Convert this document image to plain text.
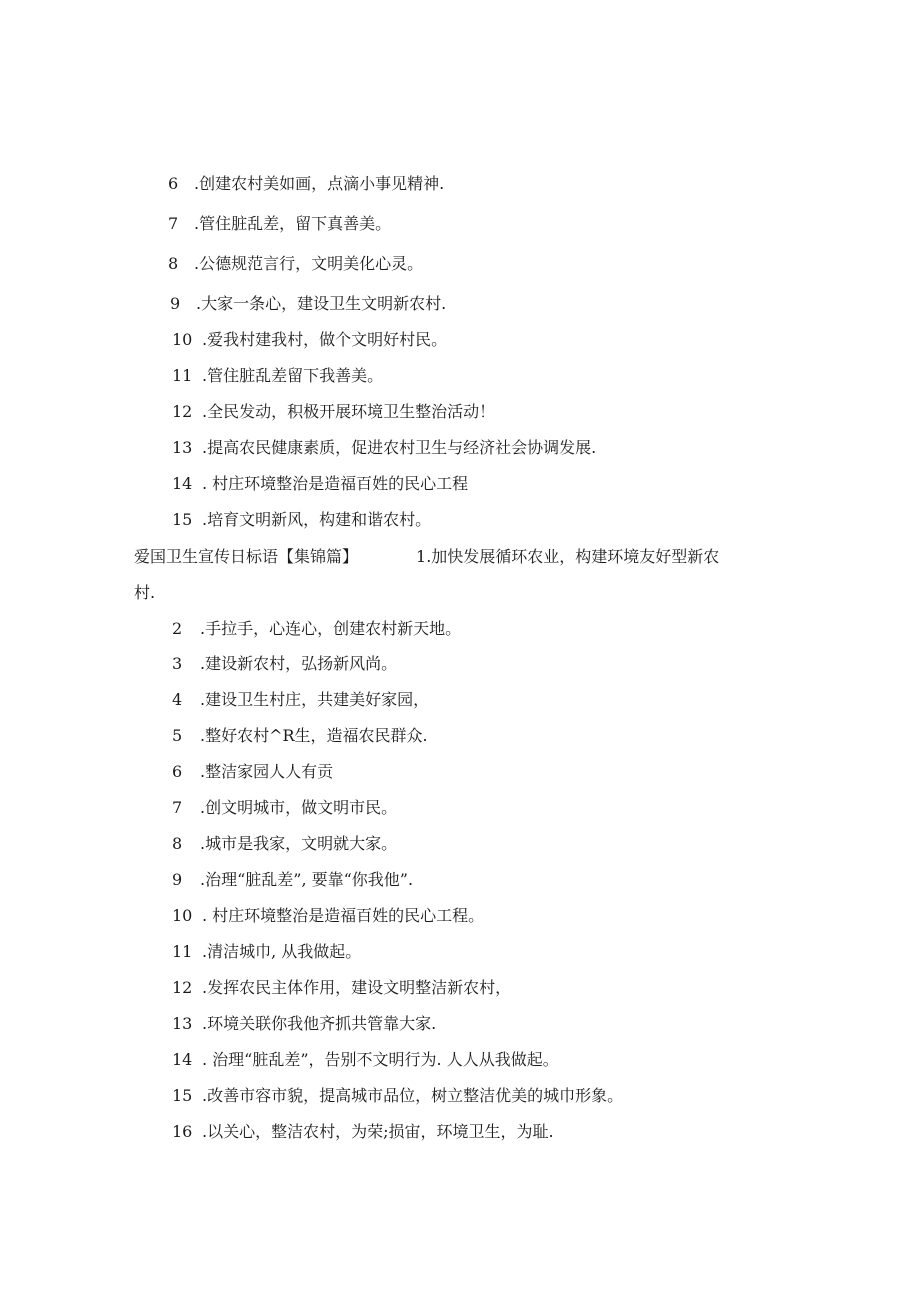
6 .创建农村美如画，点滴小事见精神.
7 .管住脏乱差，留下真善美。
8 .公德规范言行，文明美化心灵。
9 .大家一条心，建设卫生文明新农村.
10 .爱我村建我村，做个文明好村民。
11 .管住脏乱差留下我善美。
12 .全民发动，积极开展环境卫生整治活动！
13 .提高农民健康素质，促进农村卫生与经济社会协调发展.
14 . 村庄环境整治是造福百姓的民心工程
15 .培育文明新风，构建和谐农村。
爱国卫生宣传日标语【集锦篇】	1.加快发展循环农业，构建环境友好型新农
村.
2 .手拉手，心连心，创建农村新天地。
3 .建设新农村，弘扬新风尚。
4 .建设卫生村庄，共建美好家园，
5 .整好农村^R生，造福农民群众.
6 .整洁家园人人有贡
7 .创文明城市，做文明市民。
8 .城市是我家，文明就大家。
9 .治理“脏乱差”, 要靠“你我他”.
10 . 村庄环境整治是造福百姓的民心工程。
11 .清洁城巾, 从我做起。
12 .发挥农民主体作用，建设文明整洁新农村，
13 .环境关联你我他齐抓共管靠大家.
14 . 治理“脏乱差”，告别不文明行为. 人人从我做起。
15 .改善市容市貌，提高城市品位，树立整洁优美的城巾形象。
16 .以关心，整洁农村，为荣;损宙，环境卫生，为耻.
